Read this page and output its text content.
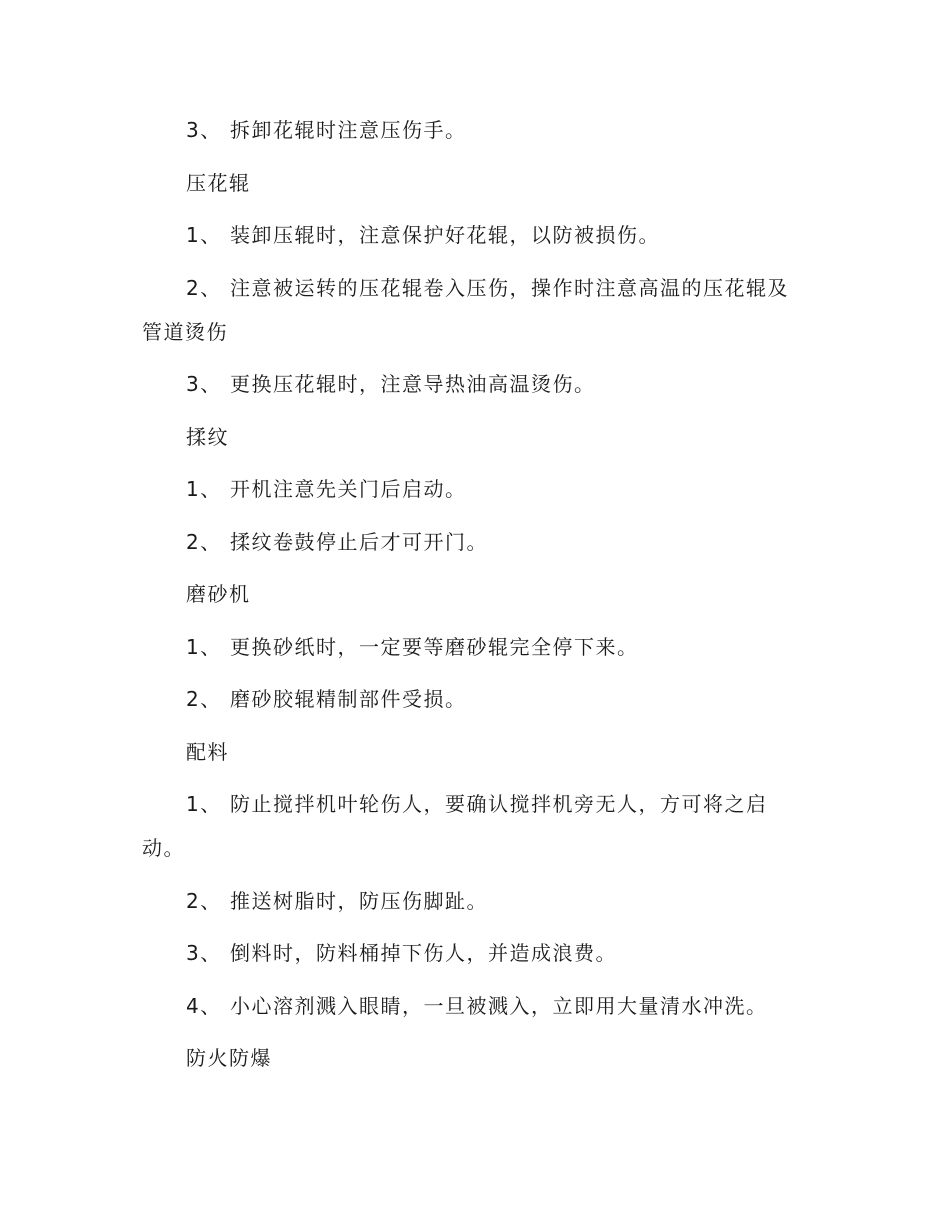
3、 拆卸花辊时注意压伤手。

压花辊

1、 装卸压辊时，注意保护好花辊，以防被损伤。

2、 注意被运转的压花辊卷入压伤，操作时注意高温的压花辊及管道烫伤

3、 更换压花辊时，注意导热油高温烫伤。

揉纹

1、 开机注意先关门后启动。

2、 揉纹卷鼓停止后才可开门。

磨砂机

1、 更换砂纸时，一定要等磨砂辊完全停下来。

2、 磨砂胶辊精制部件受损。

配料

1、 防止搅拌机叶轮伤人，要确认搅拌机旁无人，方可将之启动。

2、 推送树脂时，防压伤脚趾。

3、 倒料时，防料桶掉下伤人，并造成浪费。

4、 小心溶剂溅入眼睛，一旦被溅入，立即用大量清水冲洗。

防火防爆
